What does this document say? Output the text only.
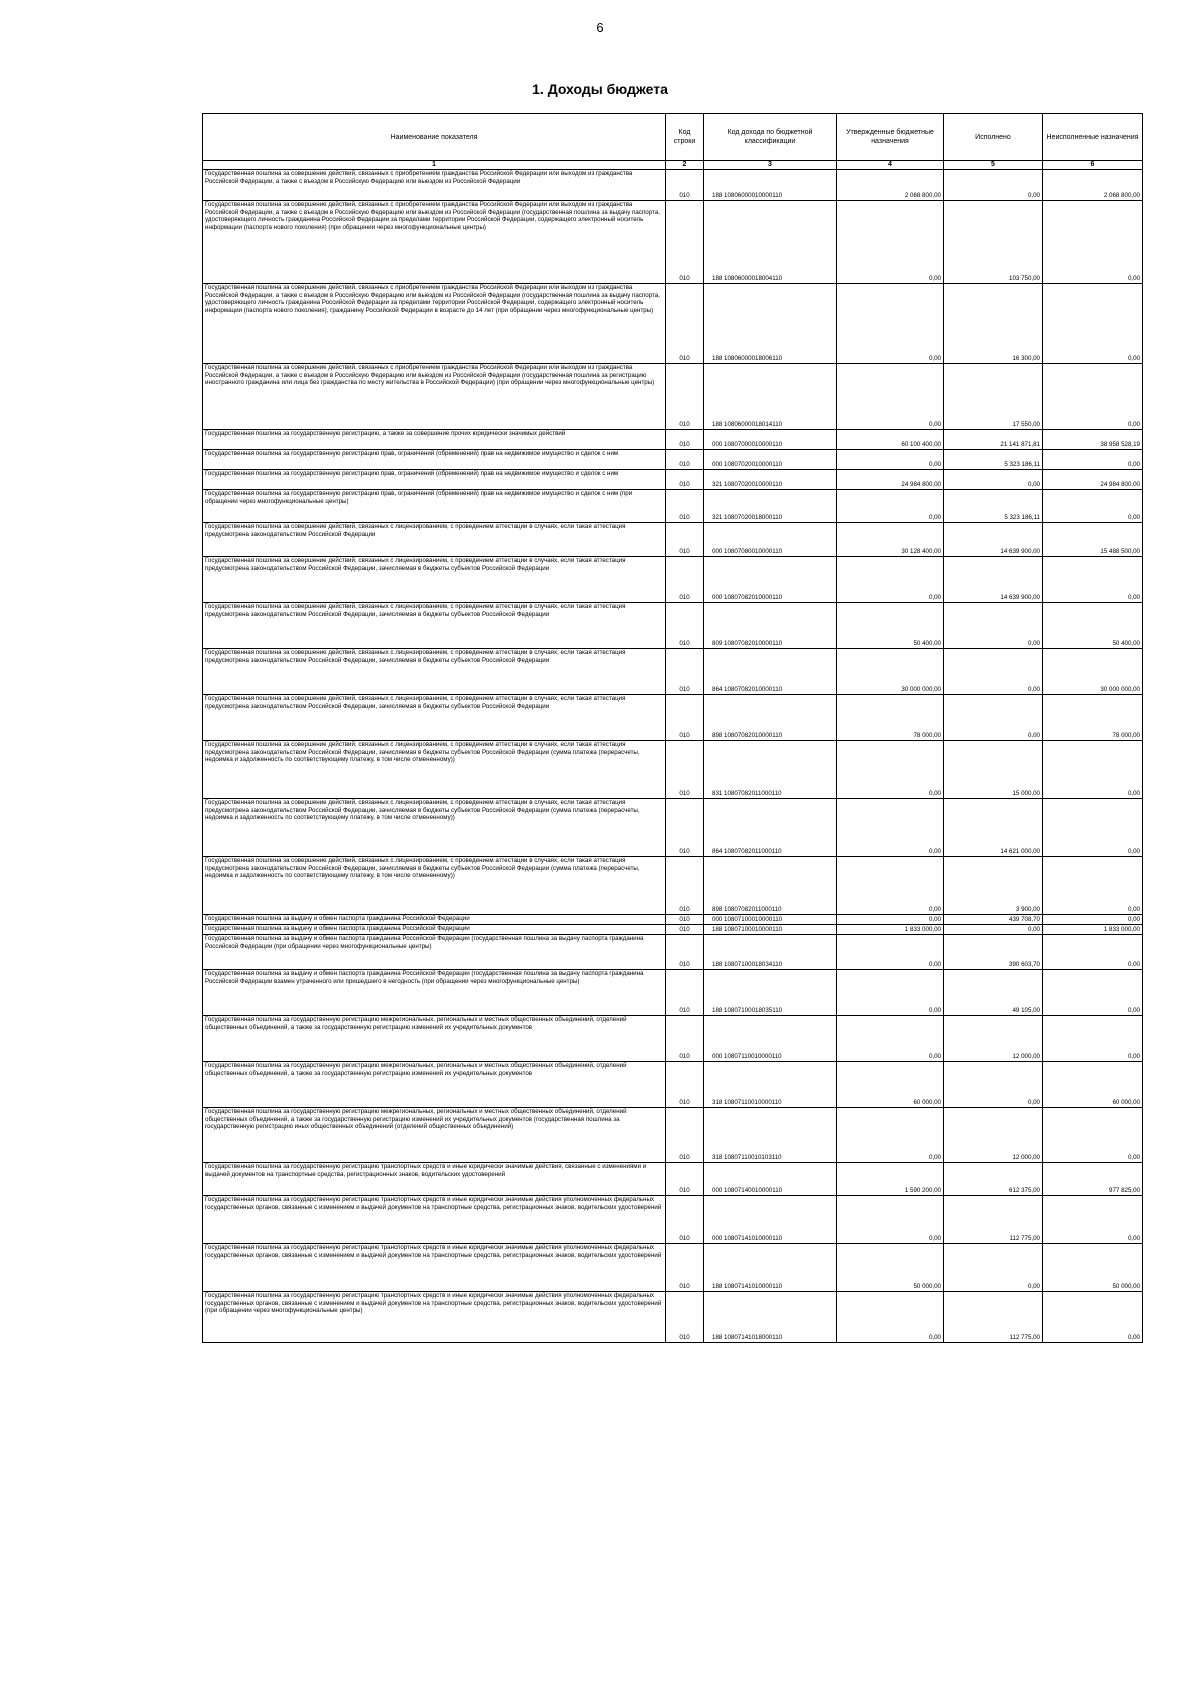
6
1. Доходы бюджета
Наименование показателя	Код строки	Код дохода по бюджетной классификации	Утвержденные бюджетные назначения	Исполнено	Неисполненные назначения
1	2	3	4	5	6
Государственная пошлина за совершение действий, связанных с приобретением гражданства Российской Федерации или выходом из гражданства Российской Федерации, а также с въездом в Российскую Федерацию или выездом из Российской Федерации	010	188 10806000010000110	2 068 800,00	0,00	2 068 800,00
Государственная пошлина за совершение действий, связанных с приобретением гражданства Российской Федерации или выходом из гражданства Российской Федерации, а также с въездом в Российскую Федерацию или выездом из Российской Федерации (государственная пошлина за выдачу паспорта, удостоверяющего личность гражданина Российской Федерации за пределами территории Российской Федерации, содержащего электронный носитель информации (паспорта нового поколения) (при обращении через многофункциональные центры)	010	188 10806000018004110	0,00	103 750,00	0,00
Государственная пошлина за совершение действий, связанных с приобретением гражданства Российской Федерации или выходом из гражданства Российской Федерации, а также с въездом в Российскую Федерацию или выездом из Российской Федерации (государственная пошлина за выдачу паспорта, удостоверяющего личность гражданина Российской Федерации за пределами территории Российской Федерации, содержащего электронный носитель информации (паспорта нового поколения), гражданину Российской Федерации в возрасте до 14 лет (при обращении через многофункциональные центры)	010	188 10806000018006110	0,00	16 300,00	0,00
Государственная пошлина за совершение действий, связанных с приобретением гражданства Российской Федерации или выходом из гражданства Российской Федерации, а также с въездом в Российскую Федерацию или выездом из Российской Федерации (государственная пошлина за регистрацию иностранного гражданина или лица без гражданства по месту жительства в Российской Федерации) (при обращении через многофункциональные центры)	010	188 10806000018014110	0,00	17 550,00	0,00
Государственная пошлина за государственную регистрацию, а также за совершение прочих юридически значимых действий	010	000 10807000010000110	60 100 400,00	21 141 871,81	38 958 528,19
Государственная пошлина за государственную регистрацию прав, ограничений (обременений) прав на недвижимое имущество и сделок с ним	010	000 10807020010000110	0,00	5 323 186,11	0,00
Государственная пошлина за государственную регистрацию прав, ограничений (обременений) прав на недвижимое имущество и сделок с ним	010	321 10807020010000110	24 984 800,00	0,00	24 984 800,00
Государственная пошлина за государственную регистрацию прав, ограничений (обременений) прав на недвижимое имущество и сделок с ним (при обращении через многофункциональные центры)	010	321 10807020018000110	0,00	5 323 186,11	0,00
Государственная пошлина за совершение действий, связанных с лицензированием, с проведением аттестации в случаях, если такая аттестация предусмотрена законодательством Российской Федерации	010	000 10807080010000110	30 128 400,00	14 639 900,00	15 488 500,00
Государственная пошлина за совершение действий, связанных с лицензированием, с проведением аттестации в случаях, если такая аттестация предусмотрена законодательством Российской Федерации, зачисляемая в бюджеты субъектов Российской Федерации	010	000 10807082010000110	0,00	14 639 900,00	0,00
Государственная пошлина за совершение действий, связанных с лицензированием, с проведением аттестации в случаях, если такая аттестация предусмотрена законодательством Российской Федерации, зачисляемая в бюджеты субъектов Российской Федерации	010	809 10807082010000110	50 400,00	0,00	50 400,00
Государственная пошлина за совершение действий, связанных с лицензированием, с проведением аттестации в случаях, если такая аттестация предусмотрена законодательством Российской Федерации, зачисляемая в бюджеты субъектов Российской Федерации	010	864 10807082010000110	30 000 000,00	0,00	30 000 000,00
Государственная пошлина за совершение действий, связанных с лицензированием, с проведением аттестации в случаях, если такая аттестация предусмотрена законодательством Российской Федерации, зачисляемая в бюджеты субъектов Российской Федерации	010	898 10807082010000110	78 000,00	0,00	78 000,00
Государственная пошлина за совершение действий, связанных с лицензированием, с проведением аттестации в случаях, если такая аттестация предусмотрена законодательством Российской Федерации, зачисляемая в бюджеты субъектов Российской Федерации (сумма платежа (перерасчеты, недоимка и задолженность по соответствующему платежу, в том числе отмененному))	010	831 10807082011000110	0,00	15 000,00	0,00
Государственная пошлина за совершение действий, связанных с лицензированием, с проведением аттестации в случаях, если такая аттестация предусмотрена законодательством Российской Федерации, зачисляемая в бюджеты субъектов Российской Федерации (сумма платежа (перерасчеты, недоимка и задолженность по соответствующему платежу, в том числе отмененному))	010	864 10807082011000110	0,00	14 621 000,00	0,00
Государственная пошлина за совершение действий, связанных с лицензированием, с проведением аттестации в случаях, если такая аттестация предусмотрена законодательством Российской Федерации, зачисляемая в бюджеты субъектов Российской Федерации (сумма платежа (перерасчеты, недоимка и задолженность по соответствующему платежу, в том числе отмененному))	010	898 10807082011000110	0,00	3 900,00	0,00
Государственная пошлина за выдачу и обмен паспорта гражданина Российской Федерации	010	000 10807100010000110	0,00	439 708,70	0,00
Государственная пошлина за выдачу и обмен паспорта гражданина Российской Федерации	010	188 10807100010000110	1 833 000,00	0,00	1 833 000,00
Государственная пошлина за выдачу и обмен паспорта гражданина Российской Федерации (государственная пошлина за выдачу паспорта гражданина Российской Федерации (при обращении через многофункциональные центры)	010	188 10807100018034110	0,00	390 603,70	0,00
Государственная пошлина за выдачу и обмен паспорта гражданина Российской Федерации (государственная пошлина за выдачу паспорта гражданина Российской Федерации взамен утраченного или пришедшего в негодность (при обращении через многофункциональные центры)	010	188 10807100018035110	0,00	49 105,00	0,00
Государственная пошлина за государственную регистрацию межрегиональных, региональных и местных общественных объединений, отделений общественных объединений, а также за государственную регистрацию изменений их учредительных документов	010	000 10807110010000110	0,00	12 000,00	0,00
Государственная пошлина за государственную регистрацию межрегиональных, региональных и местных общественных объединений, отделений общественных объединений, а также за государственную регистрацию изменений их учредительных документов	010	318 10807110010000110	60 000,00	0,00	60 000,00
Государственная пошлина за государственную регистрацию межрегиональных, региональных и местных общественных объединений, отделений общественных объединений, а также за государственную регистрацию изменений их учредительных документов (государственная пошлина за государственную регистрацию иных общественных объединений (отделений общественных объединений)	010	318 10807110010103110	0,00	12 000,00	0,00
Государственная пошлина за государственную регистрацию транспортных средств и иные юридически значимые действия, связанные с изменениями и выдачей документов на транспортные средства, регистрационных знаков, водительских удостоверений	010	000 10807140010000110	1 590 200,00	612 375,00	977 825,00
Государственная пошлина за государственную регистрацию транспортных средств и иные юридически значимые действия уполномоченных федеральных государственных органов, связанные с изменением и выдачей документов на транспортные средства, регистрационных знаков, водительских удостоверений	010	000 10807141010000110	0,00	112 775,00	0,00
Государственная пошлина за государственную регистрацию транспортных средств и иные юридически значимые действия уполномоченных федеральных государственных органов, связанные с изменением и выдачей документов на транспортные средства, регистрационных знаков, водительских удостоверений	010	188 10807141010000110	50 000,00	0,00	50 000,00
Государственная пошлина за государственную регистрацию транспортных средств и иные юридически значимые действия уполномоченных федеральных государственных органов, связанные с изменением и выдачей документов на транспортные средства, регистрационных знаков, водительских удостоверений (при обращении через многофункциональные центры)	010	188 10807141018000110	0,00	112 775,00	0,00
